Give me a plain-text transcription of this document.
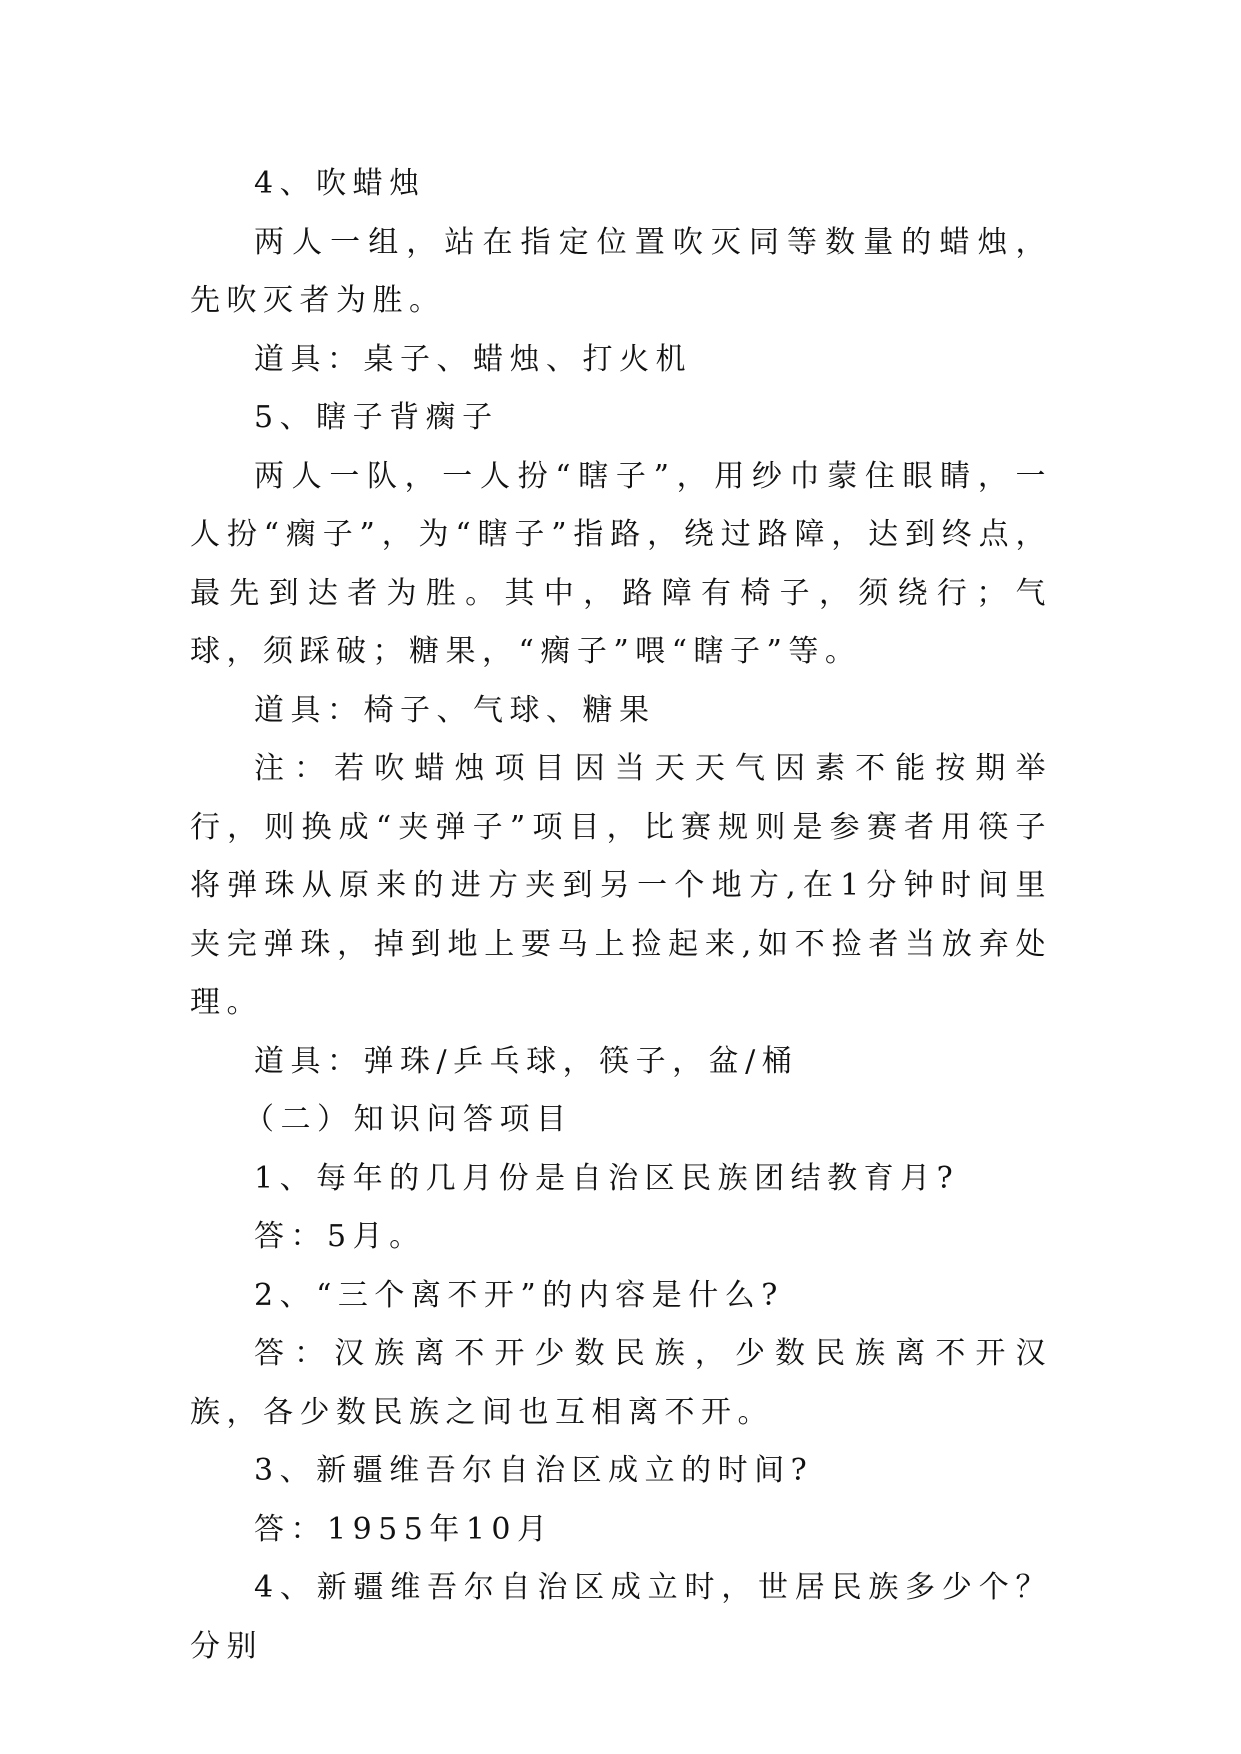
4、吹蜡烛

两人一组，站在指定位置吹灭同等数量的蜡烛，先吹灭者为胜。

道具：桌子、蜡烛、打火机

5、瞎子背瘸子

两人一队，一人扮“瞎子”，用纱巾蒙住眼睛，一人扮“瘸子”，为“瞎子”指路，绕过路障，达到终点，最先到达者为胜。其中，路障有椅子，须绕行；气球，须踩破；糖果，“瘸子”喂“瞎子”等。

道具：椅子、气球、糖果

注：若吹蜡烛项目因当天天气因素不能按期举行，则换成“夹弹子”项目，比赛规则是参赛者用筷子将弹珠从原来的进方夹到另一个地方,在1分钟时间里夹完弹珠，掉到地上要马上捡起来,如不捡者当放弃处理。

道具：弹珠/乒乓球，筷子，盆/桶

（二）知识问答项目

1、每年的几月份是自治区民族团结教育月?

答：5月。

2、“三个离不开”的内容是什么?

答：汉族离不开少数民族，少数民族离不开汉族，各少数民族之间也互相离不开。

3、新疆维吾尔自治区成立的时间?

答：1955年10月

4、新疆维吾尔自治区成立时，世居民族多少个？分别
